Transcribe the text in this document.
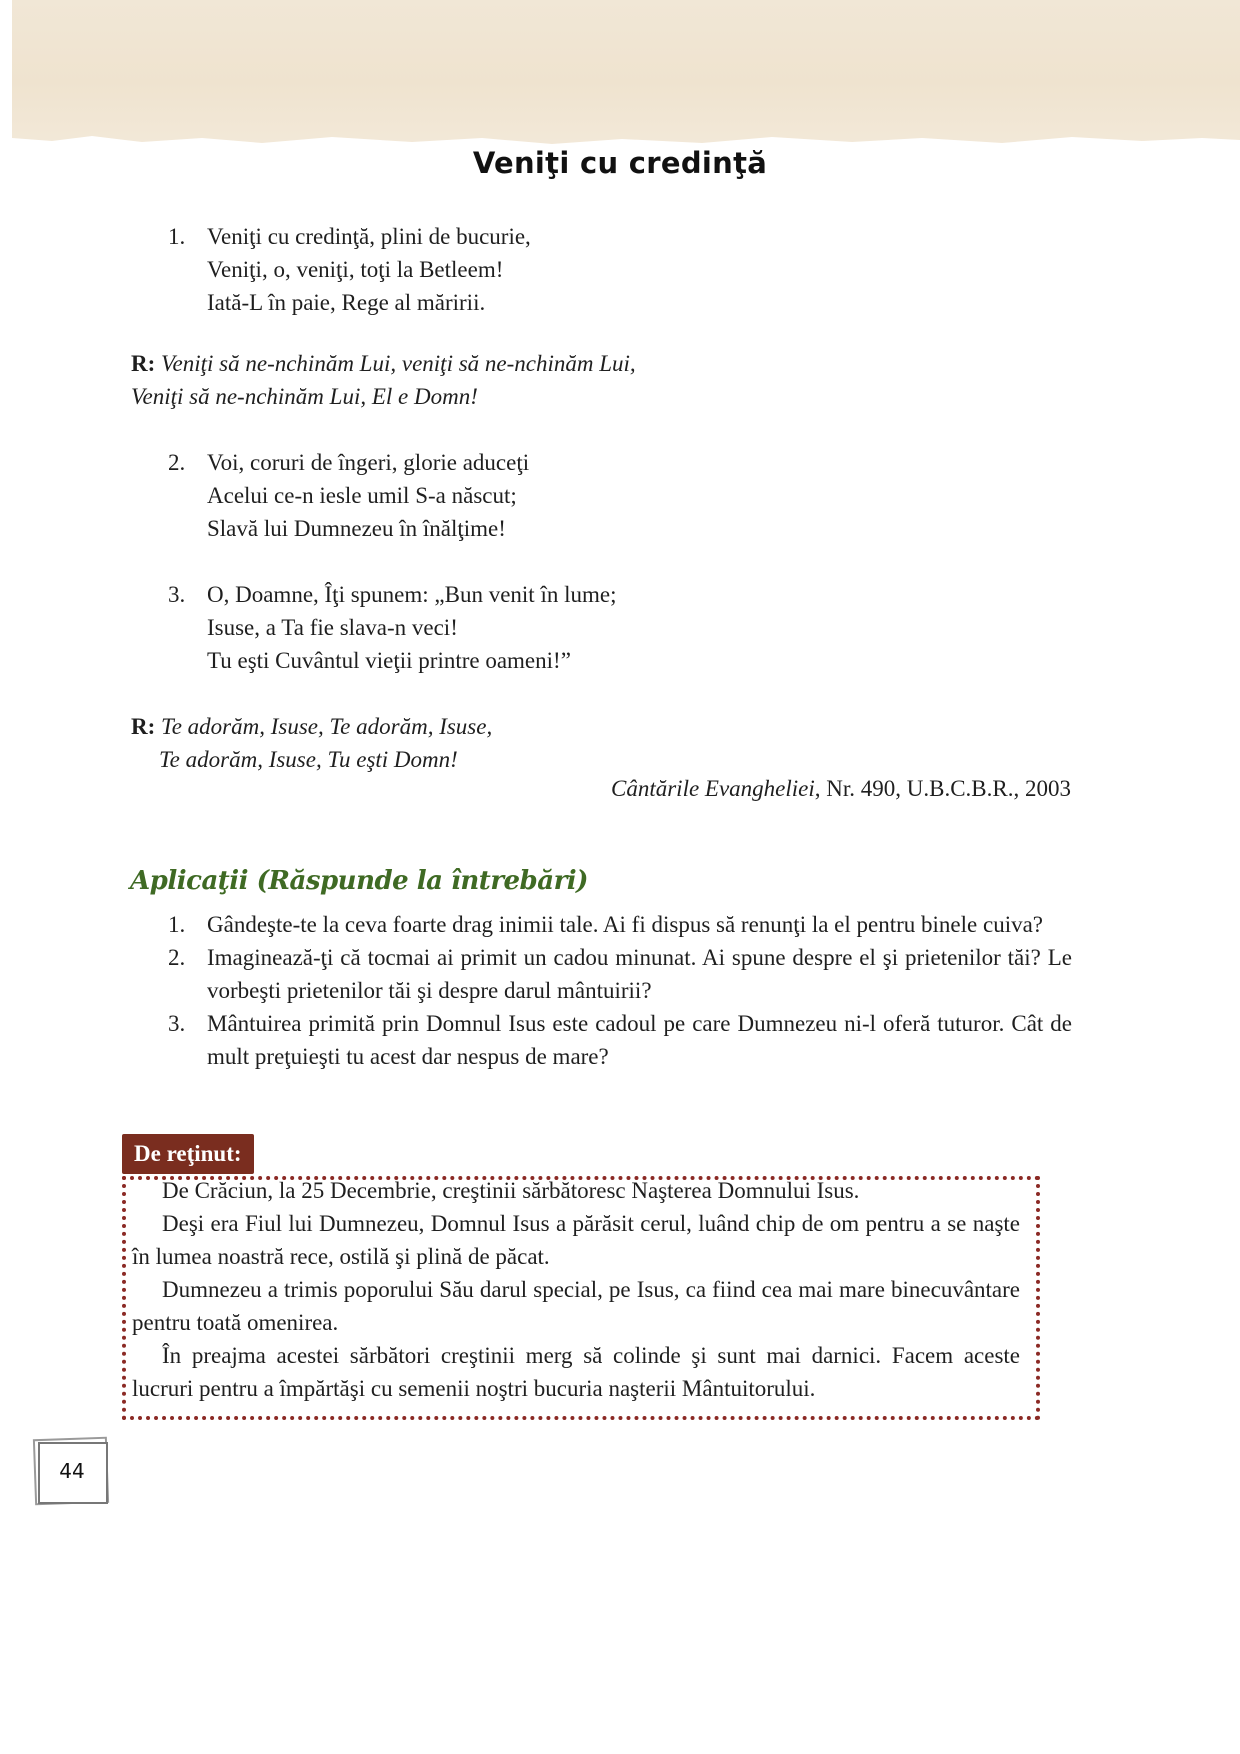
Veniţi cu credinţă
1. Veniţi cu credinţă, plini de bucurie,
Veniţi, o, veniţi, toţi la Betleem!
Iată-L în paie, Rege al măririi.
R: Veniţi să ne-nchinăm Lui, veniţi să ne-nchinăm Lui,
Veniţi să ne-nchinăm Lui, El e Domn!
2. Voi, coruri de îngeri, glorie aduceţi
Acelui ce-n iesle umil S-a născut;
Slavă lui Dumnezeu în înălţime!
3. O, Doamne, Îţi spunem: „Bun venit în lume;
Isuse, a Ta fie slava-n veci!
Tu eşti Cuvântul vieţii printre oameni!”
R: Te adorăm, Isuse, Te adorăm, Isuse,
Te adorăm, Isuse, Tu eşti Domn!
Cântările Evangheliei, Nr. 490, U.B.C.B.R., 2003
Aplicaţii (Răspunde la întrebări)
1. Gândeşte-te la ceva foarte drag inimii tale. Ai fi dispus să renunţi la el pentru binele cuiva?
2. Imaginează-ţi că tocmai ai primit un cadou minunat. Ai spune despre el şi prietenilor tăi? Le vorbeşti prietenilor tăi şi despre darul mântuirii?
3. Mântuirea primită prin Domnul Isus este cadoul pe care Dumnezeu ni-l oferă tuturor. Cât de mult preţuieşti tu acest dar nespus de mare?
De reţinut:

De Crăciun, la 25 Decembrie, creştinii sărbătoresc Naşterea Domnului Isus.

Deşi era Fiul lui Dumnezeu, Domnul Isus a părăsit cerul, luând chip de om pentru a se naşte în lumea noastră rece, ostilă şi plină de păcat.

Dumnezeu a trimis poporului Său darul special, pe Isus, ca fiind cea mai mare binecuvântare pentru toată omenirea.

În preajma acestei sărbători creştinii merg să colinde şi sunt mai darnici. Facem aceste lucruri pentru a împărtăşi cu semenii noştri bucuria naşterii Mântuitorului.

44
